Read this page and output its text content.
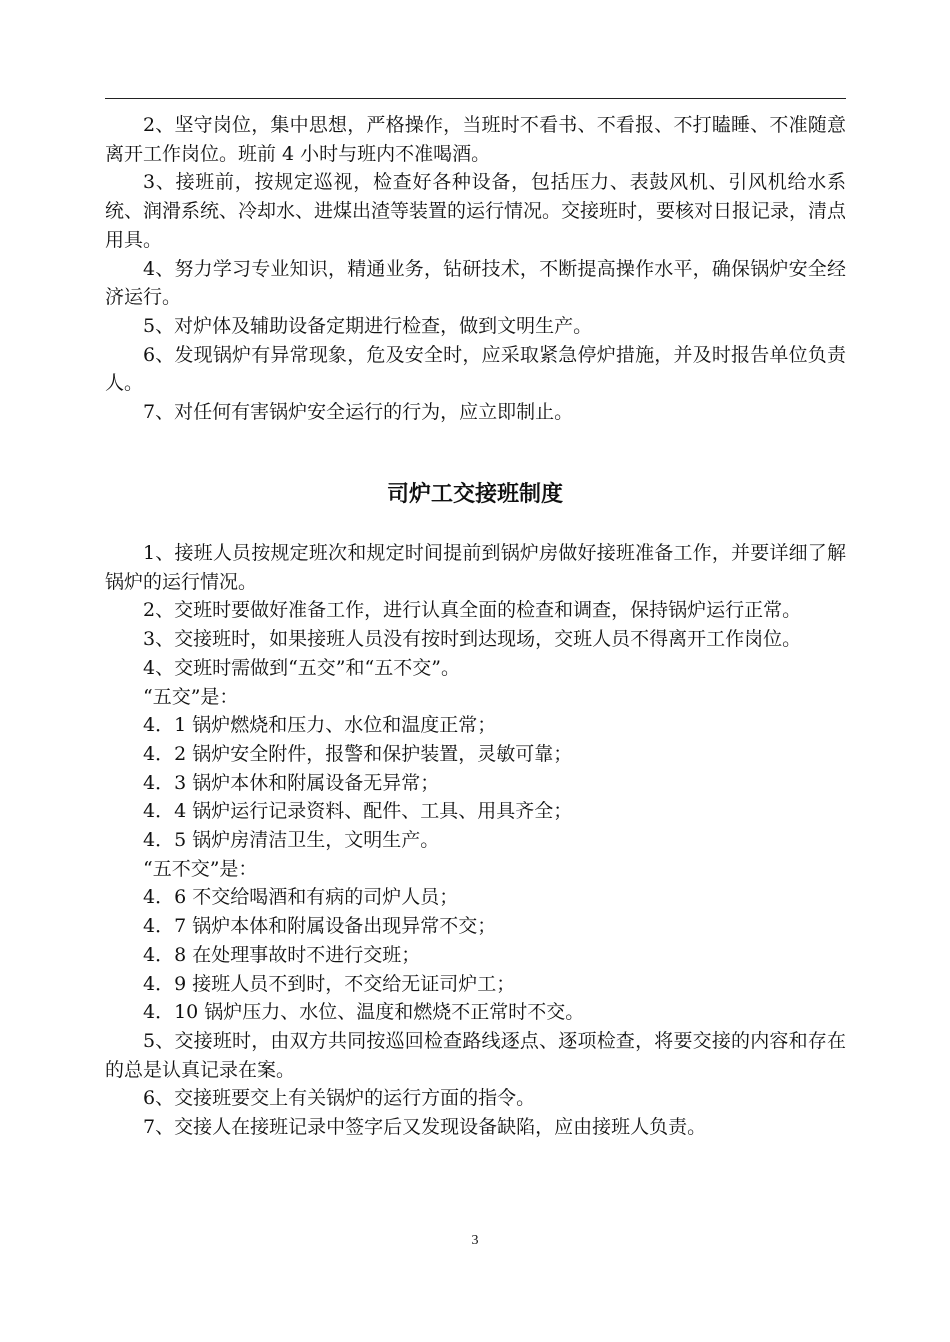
2、坚守岗位，集中思想，严格操作，当班时不看书、不看报、不打瞌睡、不准随意离开工作岗位。班前 4 小时与班内不准喝酒。

3、接班前，按规定巡视，检查好各种设备，包括压力、表鼓风机、引风机给水系统、润滑系统、冷却水、进煤出渣等装置的运行情况。交接班时，要核对日报记录，清点用具。

4、努力学习专业知识，精通业务，钻研技术，不断提高操作水平，确保锅炉安全经济运行。

5、对炉体及辅助设备定期进行检查，做到文明生产。

6、发现锅炉有异常现象，危及安全时，应采取紧急停炉措施，并及时报告单位负责人。

7、对任何有害锅炉安全运行的行为，应立即制止。

司炉工交接班制度

1、接班人员按规定班次和规定时间提前到锅炉房做好接班准备工作，并要详细了解锅炉的运行情况。

2、交班时要做好准备工作，进行认真全面的检查和调查，保持锅炉运行正常。

3、交接班时，如果接班人员没有按时到达现场，交班人员不得离开工作岗位。

4、交班时需做到“五交”和“五不交”。

“五交”是：

4．1 锅炉燃烧和压力、水位和温度正常；

4．2 锅炉安全附件，报警和保护装置，灵敏可靠；

4．3 锅炉本休和附属设备无异常；

4．4 锅炉运行记录资料、配件、工具、用具齐全；

4．5 锅炉房清洁卫生，文明生产。

“五不交”是：

4．6 不交给喝酒和有病的司炉人员；

4．7 锅炉本体和附属设备出现异常不交；

4．8 在处理事故时不进行交班；

4．9 接班人员不到时，不交给无证司炉工；

4．10 锅炉压力、水位、温度和燃烧不正常时不交。

5、交接班时，由双方共同按巡回检查路线逐点、逐项检查，将要交接的内容和存在的总是认真记录在案。

6、交接班要交上有关锅炉的运行方面的指令。

7、交接人在接班记录中签字后又发现设备缺陷，应由接班人负责。

3
